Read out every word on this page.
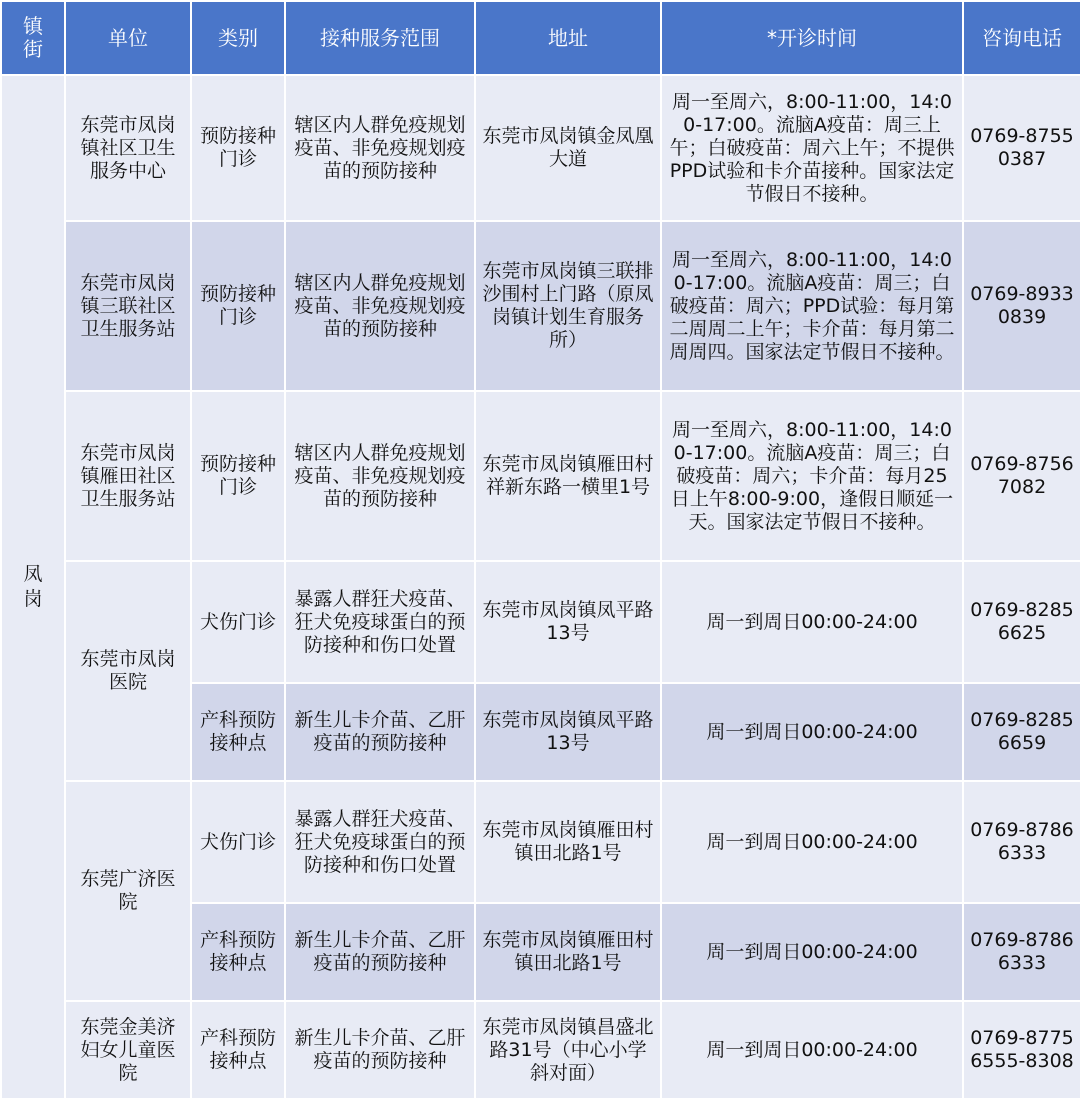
镇街	单位	类别	接种服务范围	地址	*开诊时间	咨询电话
凤岗	东莞市凤岗镇社区卫生服务中心	预防接种门诊	辖区内人群免疫规划疫苗、非免疫规划疫苗的预防接种	东莞市凤岗镇金凤凰大道	周一至周六，8:00-11:00，14:00-17:00。流脑A疫苗：周三上午；白破疫苗：周六上午；不提供PPD试验和卡介苗接种。国家法定节假日不接种。	0769-87550387
	东莞市凤岗镇三联社区卫生服务站	预防接种门诊	辖区内人群免疫规划疫苗、非免疫规划疫苗的预防接种	东莞市凤岗镇三联排沙围村上门路（原凤岗镇计划生育服务所）	周一至周六，8:00-11:00，14:00-17:00。流脑A疫苗：周三；白破疫苗：周六；PPD试验：每月第二周周二上午；卡介苗：每月第二周周四。国家法定节假日不接种。	0769-89330839
	东莞市凤岗镇雁田社区卫生服务站	预防接种门诊	辖区内人群免疫规划疫苗、非免疫规划疫苗的预防接种	东莞市凤岗镇雁田村祥新东路一横里1号	周一至周六，8:00-11:00，14:00-17:00。流脑A疫苗：周三；白破疫苗：周六；卡介苗：每月25日上午8:00-9:00，逢假日顺延一天。国家法定节假日不接种。	0769-87567082
	东莞市凤岗医院	犬伤门诊	暴露人群狂犬疫苗、狂犬免疫球蛋白的预防接种和伤口处置	东莞市凤岗镇凤平路13号	周一到周日00:00-24:00	0769-82856625
		产科预防接种点	新生儿卡介苗、乙肝疫苗的预防接种	东莞市凤岗镇凤平路13号	周一到周日00:00-24:00	0769-82856659
	东莞广济医院	犬伤门诊	暴露人群狂犬疫苗、狂犬免疫球蛋白的预防接种和伤口处置	东莞市凤岗镇雁田村镇田北路1号	周一到周日00:00-24:00	0769-87866333
		产科预防接种点	新生儿卡介苗、乙肝疫苗的预防接种	东莞市凤岗镇雁田村镇田北路1号	周一到周日00:00-24:00	0769-87866333
	东莞金美济妇女儿童医院	产科预防接种点	新生儿卡介苗、乙肝疫苗的预防接种	东莞市凤岗镇昌盛北路31号（中心小学斜对面）	周一到周日00:00-24:00	0769-87756555-8308
